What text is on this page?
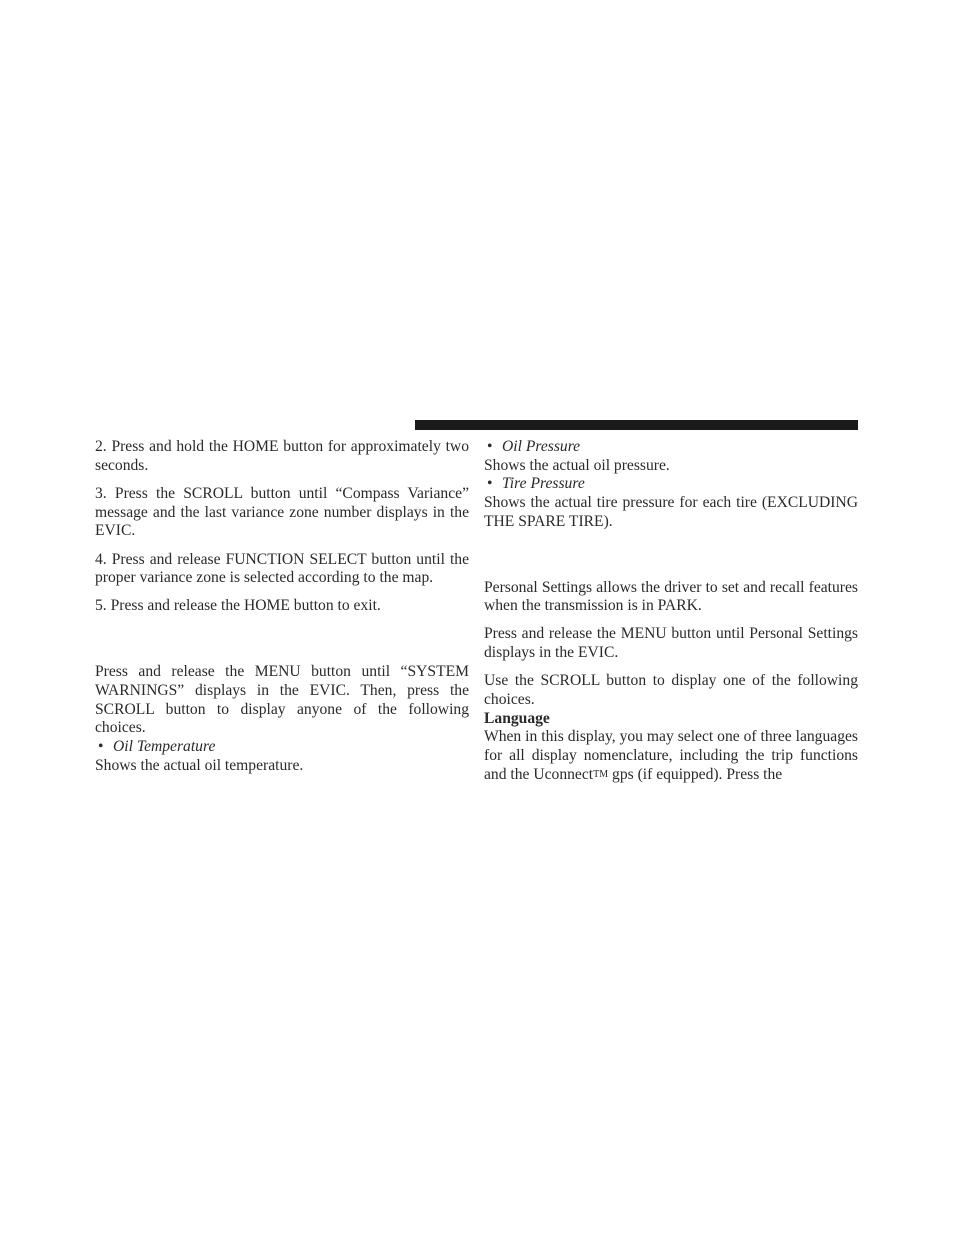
2. Press and hold the HOME button for approximately two seconds.

3. Press the SCROLL button until “Compass Variance” message and the last variance zone number displays in the EVIC.

4. Press and release FUNCTION SELECT button until the proper variance zone is selected according to the map.

5. Press and release the HOME button to exit.

Press and release the MENU button until “SYSTEM WARNINGS” displays in the EVIC. Then, press the SCROLL button to display anyone of the following choices.

• Oil Temperature

Shows the actual oil temperature.

• Oil Pressure

Shows the actual oil pressure.

• Tire Pressure

Shows the actual tire pressure for each tire (EXCLUDING THE SPARE TIRE).

Personal Settings allows the driver to set and recall features when the transmission is in PARK.

Press and release the MENU button until Personal Settings displays in the EVIC.

Use the SCROLL button to display one of the following choices.

Language

When in this display, you may select one of three languages for all display nomenclature, including the trip functions and the UconnectTM gps (if equipped). Press the
